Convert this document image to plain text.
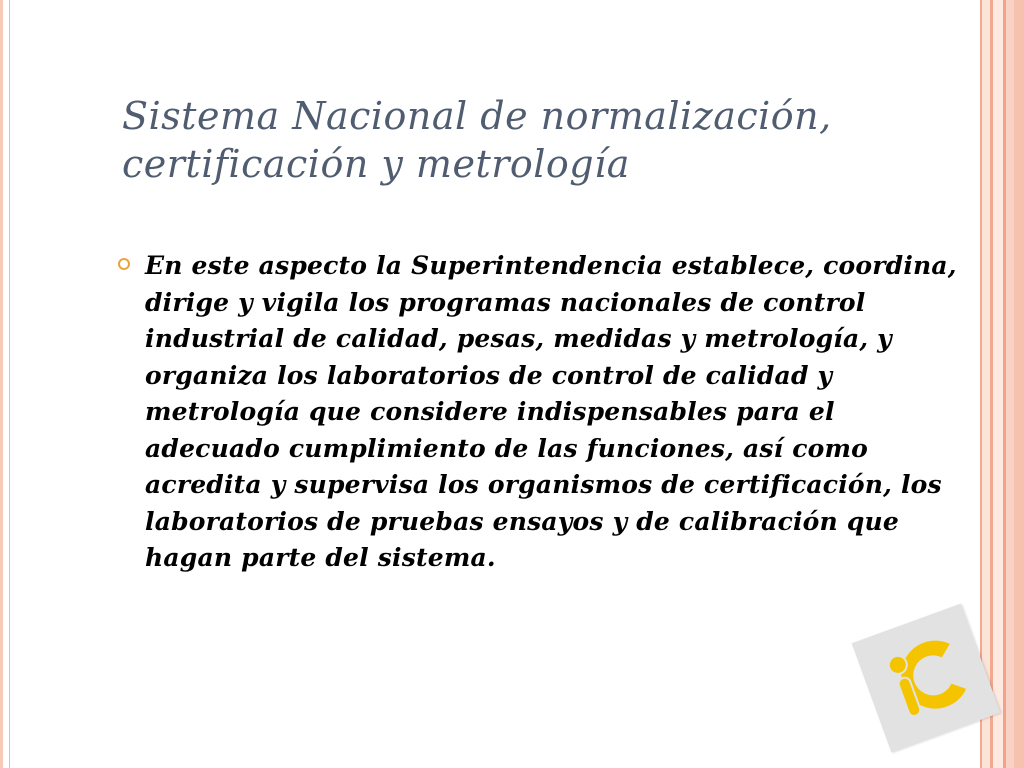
Sistema Nacional de normalización, certificación y metrología
En este aspecto la Superintendencia establece, coordina, dirige y vigila los programas nacionales de control industrial de calidad, pesas, medidas y metrología, y organiza los laboratorios de control de calidad y metrología que considere indispensables para el adecuado cumplimiento de las funciones, así como acredita y supervisa los organismos de certificación, los laboratorios de pruebas ensayos y de calibración que hagan parte del sistema.
